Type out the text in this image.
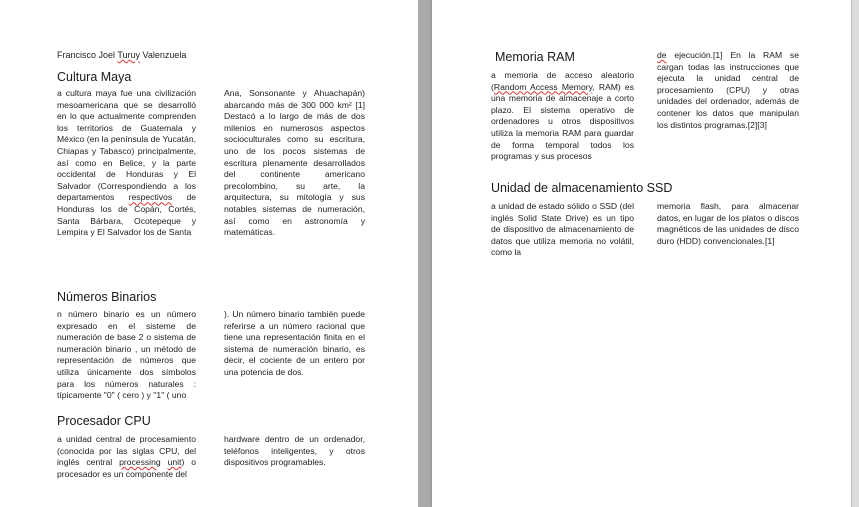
Francisco Joel Turuy Valenzuela
Cultura Maya

a cultura maya fue una civilización mesoamericana que se desarrolló en lo que actualmente comprenden los territorios de Guatemala y México (en la península de Yucatán, Chiapas y Tabasco) principalmente, así como en Belice, y la parte occidental de Honduras y El Salvador (Correspondiendo a los departamentos respectivos de Honduras los de Copán, Cortés, Santa Bárbara, Ocotepeque y Lempira y El Salvador los de Santa

Ana, Sonsonante y Ahuachapán) abarcando más de 300 000 km² [1] Destacó a lo largo de más de dos milenios en numerosos aspectos socioculturales como su escritura, uno de los pocos sistemas de escritura plenamente desarrollados del continente americano precolombino, su arte, la arquitectura, su mitología y sus notables sistemas de numeración, así como en astronomía y matemáticas.

Números Binarios

n número binario es un número expresado en el sisteme de numeración de base 2 o sistema de numeración binario , un método de representación de números que utiliza únicamente dos símbolos para los números naturales : típicamente "0" ( cero ) y "1" ( uno

). Un número binario también puede referirse a un número racional que tiene una representación finita en el sistema de numeración binario, es decir, el cociente de un entero por una potencia de dos.

Procesador CPU

a unidad central de procesamiento (conocida por las siglas CPU, del inglés central processing unit) o procesador es un componente del

hardware dentro de un ordenador, teléfonos inteligentes, y otros dispositivos programables.

Memoria RAM

a memoria de acceso aleatorio (Random Access Memory, RAM) es una memoria de almacenaje a corto plazo. El sistema operativo de ordenadores u otros dispositivos utiliza la memoria RAM para guardar de forma temporal todos los programas y sus procesos

de ejecución.[1] En la RAM se cargan todas las instrucciones que ejecuta la unidad central de procesamiento (CPU) y otras unidades del ordenador, además de contener los datos que manipulan los distintos programas.[2][3]

Unidad de almacenamiento SSD

a unidad de estado sólido o SSD (del inglés Solid State Drive) es un tipo de dispositivo de almacenamiento de datos que utiliza memoria no volátil, como la

memoria flash, para almacenar datos, en lugar de los platos o discos magnéticos de las unidades de disco duro (HDD) convencionales.[1]
